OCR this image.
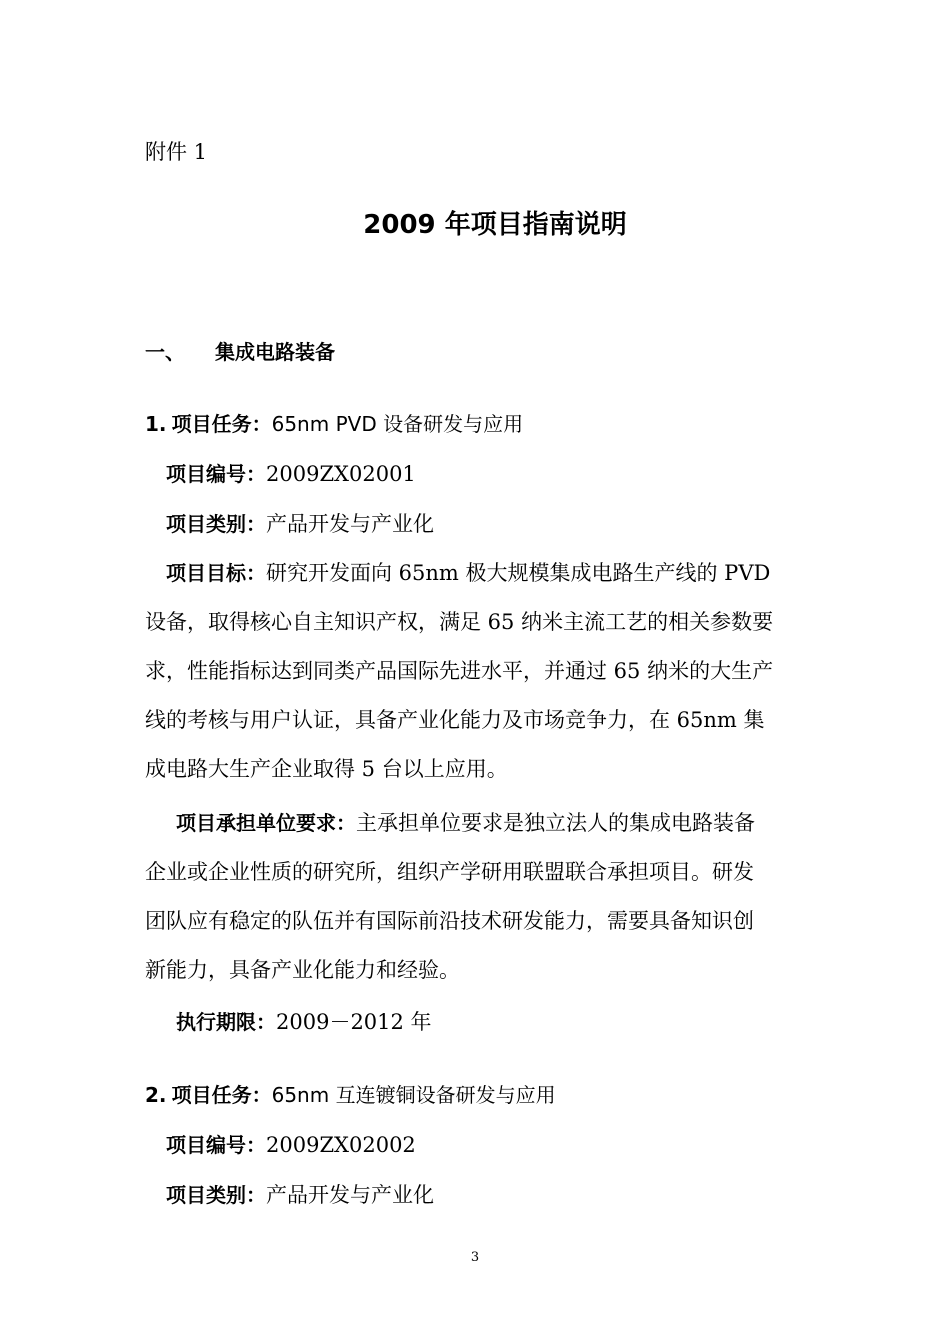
附件 1
2009 年项目指南说明
一、 集成电路装备
1. 项目任务：65nm PVD 设备研发与应用
项目编号：2009ZX02001
项目类别：产品开发与产业化
项目目标：研究开发面向 65nm 极大规模集成电路生产线的 PVD
设备，取得核心自主知识产权，满足 65 纳米主流工艺的相关参数要
求，性能指标达到同类产品国际先进水平，并通过 65 纳米的大生产
线的考核与用户认证，具备产业化能力及市场竞争力，在 65nm 集
成电路大生产企业取得 5 台以上应用。
项目承担单位要求：主承担单位要求是独立法人的集成电路装备
企业或企业性质的研究所，组织产学研用联盟联合承担项目。研发
团队应有稳定的队伍并有国际前沿技术研发能力，需要具备知识创
新能力，具备产业化能力和经验。
执行期限：2009－2012 年
2. 项目任务：65nm 互连镀铜设备研发与应用
项目编号：2009ZX02002
项目类别：产品开发与产业化
3
